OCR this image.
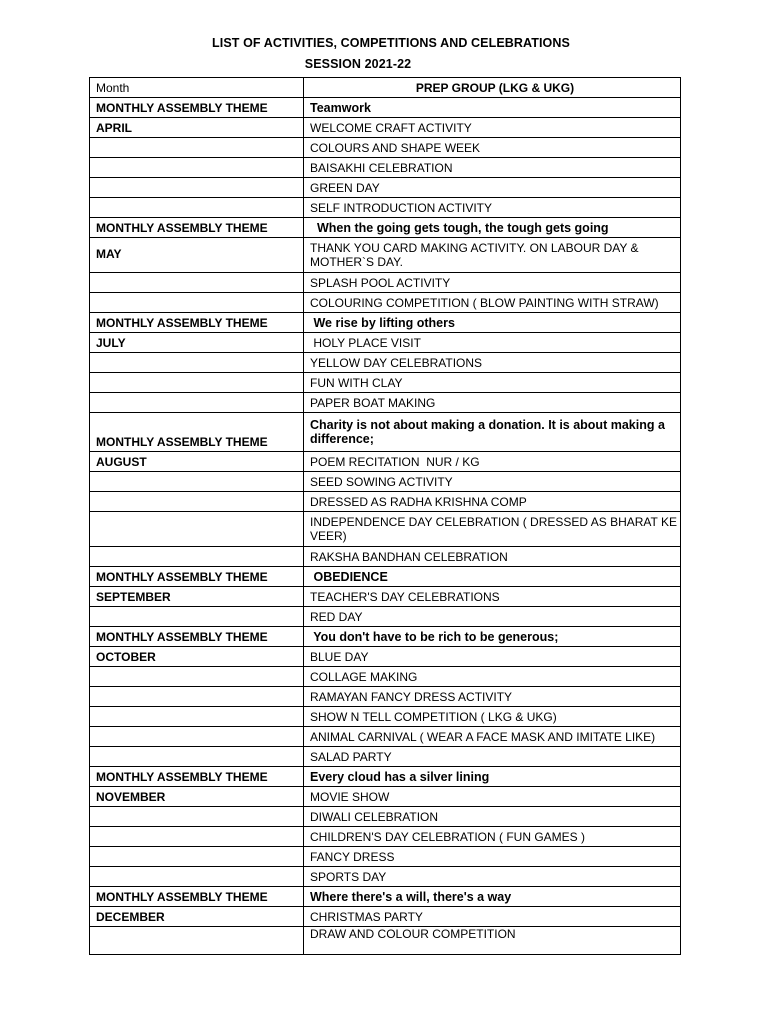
LIST OF ACTIVITIES, COMPETITIONS AND CELEBRATIONS
SESSION 2021-22
Month	PREP GROUP (LKG & UKG)
MONTHLY ASSEMBLY THEME	Teamwork
APRIL	WELCOME CRAFT ACTIVITY
	COLOURS AND SHAPE WEEK
	BAISAKHI CELEBRATION
	GREEN DAY
	SELF INTRODUCTION ACTIVITY
MONTHLY ASSEMBLY THEME	When the going gets tough, the tough gets going
MAY	THANK YOU CARD MAKING ACTIVITY. ON LABOUR DAY & MOTHER`S DAY.
	SPLASH POOL ACTIVITY
	COLOURING COMPETITION ( BLOW PAINTING WITH STRAW)
MONTHLY ASSEMBLY THEME	We rise by lifting others
JULY	HOLY PLACE VISIT
	YELLOW DAY CELEBRATIONS
	FUN WITH CLAY
	PAPER BOAT MAKING
MONTHLY ASSEMBLY THEME	Charity is not about making a donation. It is about making a difference;
AUGUST	POEM RECITATION  NUR / KG
	SEED SOWING ACTIVITY
	DRESSED AS RADHA KRISHNA COMP
	INDEPENDENCE DAY CELEBRATION ( DRESSED AS BHARAT KE VEER)
	RAKSHA BANDHAN CELEBRATION
MONTHLY ASSEMBLY THEME	OBEDIENCE
SEPTEMBER	TEACHER'S DAY CELEBRATIONS
	RED DAY
MONTHLY ASSEMBLY THEME	You don't have to be rich to be generous;
OCTOBER	BLUE DAY
	COLLAGE MAKING
	RAMAYAN FANCY DRESS ACTIVITY
	SHOW N TELL COMPETITION ( LKG & UKG)
	ANIMAL CARNIVAL ( WEAR A FACE MASK AND IMITATE LIKE)
	SALAD PARTY
MONTHLY ASSEMBLY THEME	Every cloud has a silver lining
NOVEMBER	MOVIE SHOW
	DIWALI CELEBRATION
	CHILDREN'S DAY CELEBRATION ( FUN GAMES )
	FANCY DRESS
	SPORTS DAY
MONTHLY ASSEMBLY THEME	Where there's a will, there's a way
DECEMBER	CHRISTMAS PARTY
	DRAW AND COLOUR COMPETITION
